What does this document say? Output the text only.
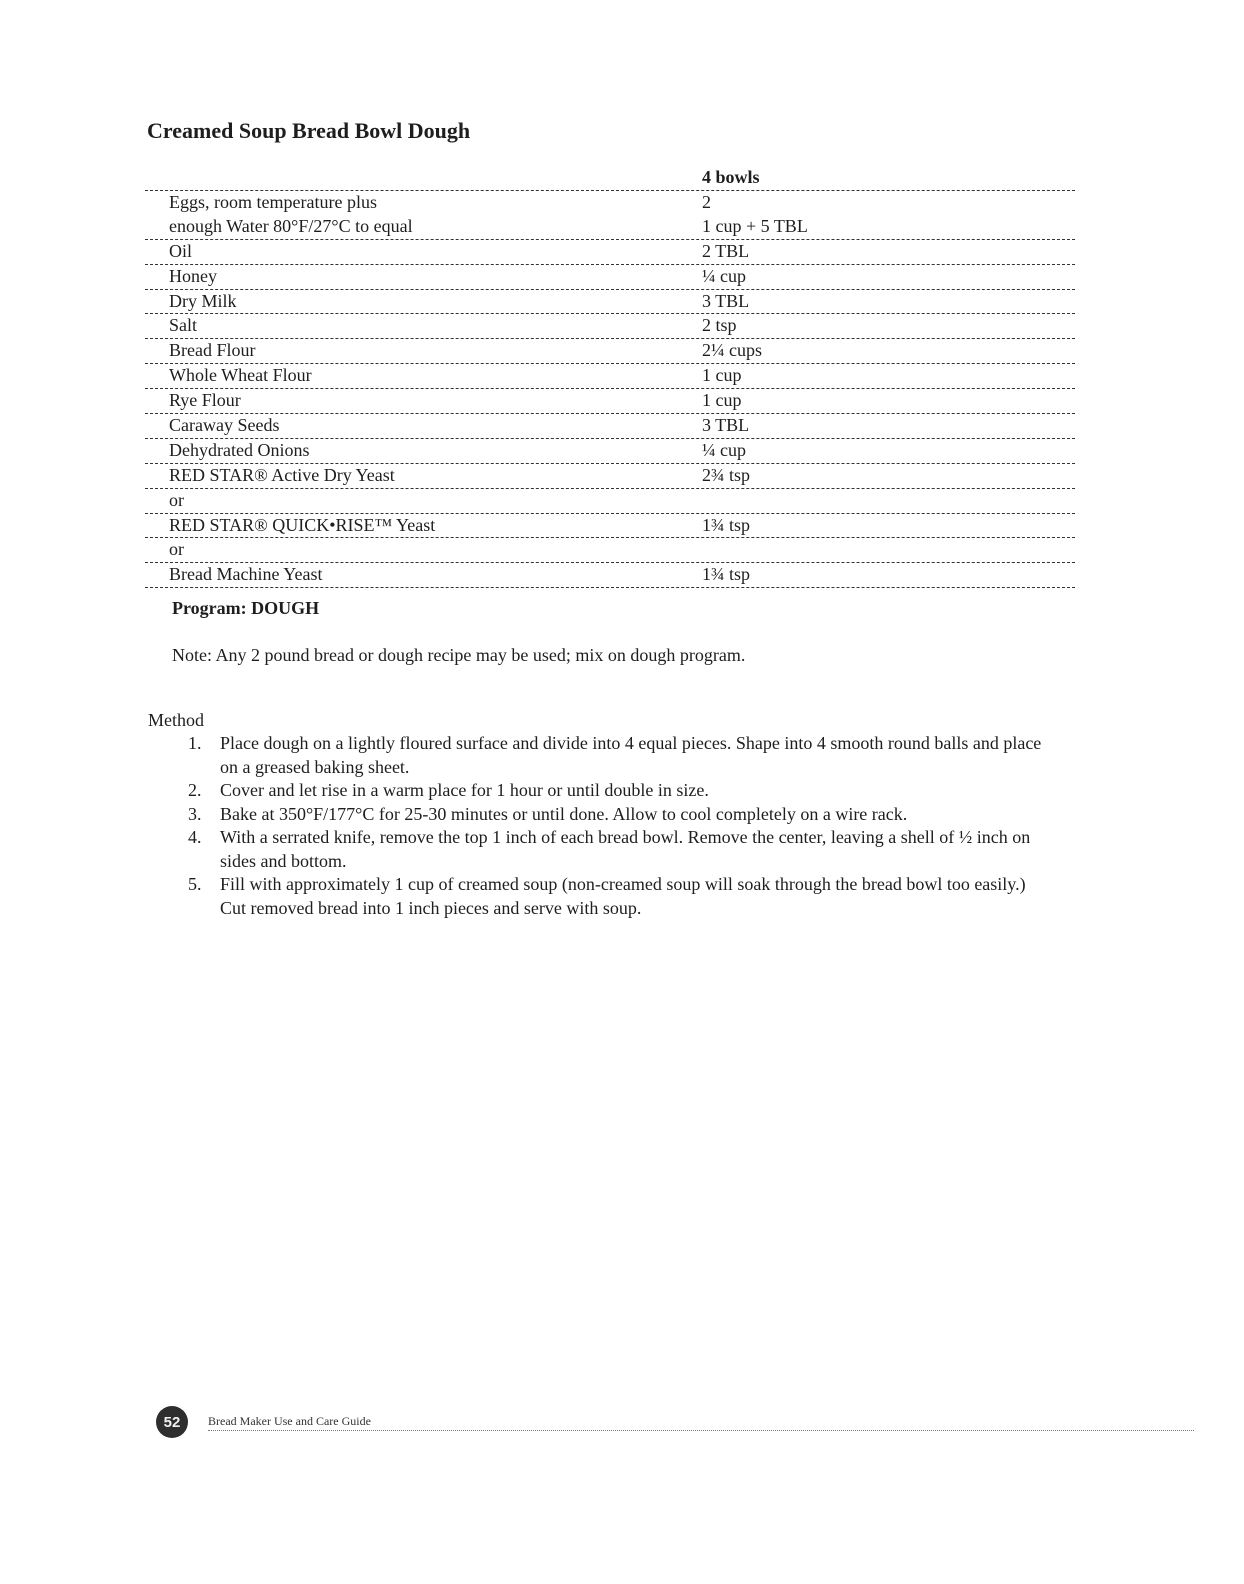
Creamed Soup Bread Bowl Dough
4 bowls
Eggs, room temperature plus	2
enough Water 80°F/27°C to equal	1 cup + 5 TBL
Oil	2 TBL
Honey	¼ cup
Dry Milk	3 TBL
Salt	2 tsp
Bread Flour	2¼ cups
Whole Wheat Flour	1 cup
Rye Flour	1 cup
Caraway Seeds	3 TBL
Dehydrated Onions	¼ cup
RED STAR® Active Dry Yeast	2¾ tsp
or
RED STAR® QUICK•RISE™ Yeast	1¾ tsp
or
Bread Machine Yeast	1¾ tsp
Program: DOUGH
Note: Any 2 pound bread or dough recipe may be used; mix on dough program.
Method
1. Place dough on a lightly floured surface and divide into 4 equal pieces. Shape into 4 smooth round balls and place on a greased baking sheet.
2. Cover and let rise in a warm place for 1 hour or until double in size.
3. Bake at 350°F/177°C for 25-30 minutes or until done. Allow to cool completely on a wire rack.
4. With a serrated knife, remove the top 1 inch of each bread bowl. Remove the center, leaving a shell of ½ inch on sides and bottom.
5. Fill with approximately 1 cup of creamed soup (non-creamed soup will soak through the bread bowl too easily.) Cut removed bread into 1 inch pieces and serve with soup.
52	Bread Maker Use and Care Guide
